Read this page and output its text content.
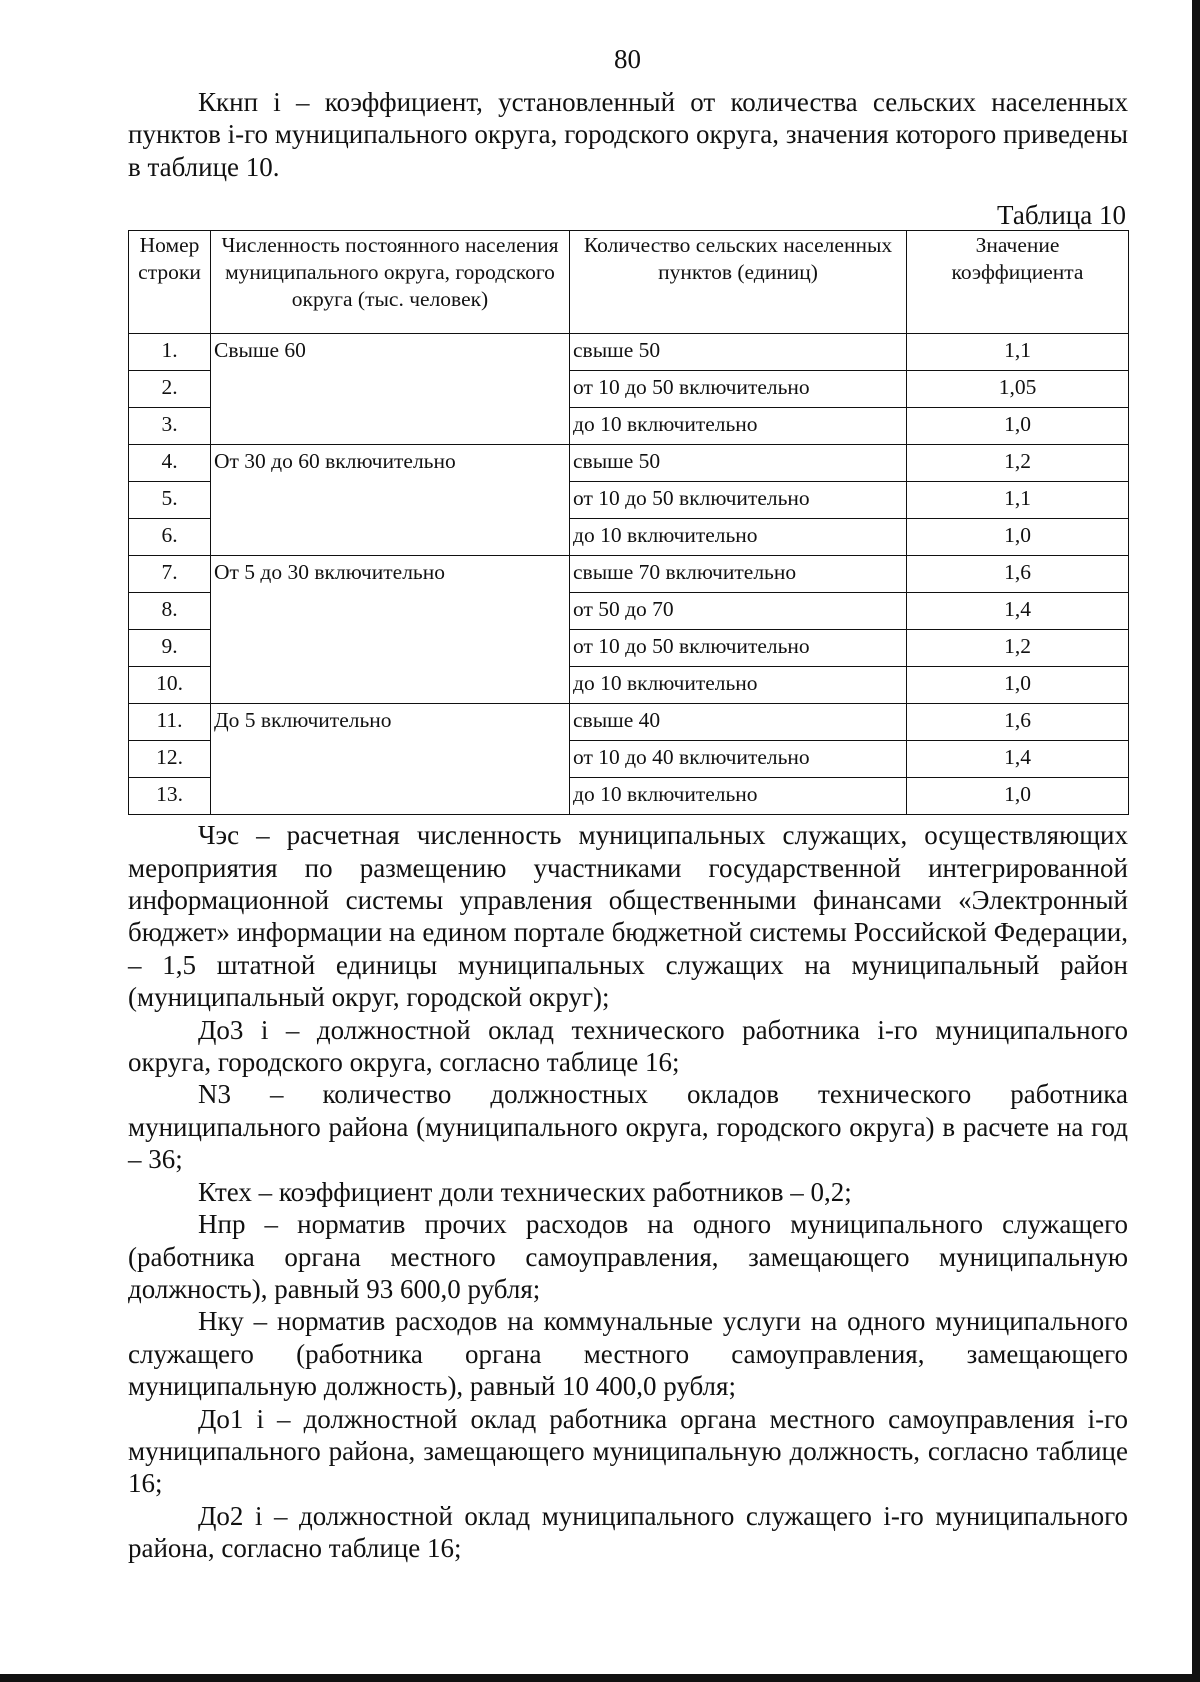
80

Ккнп i – коэффициент, установленный от количества сельских населенных пунктов i-го муниципального округа, городского округа, значения которого приведены в таблице 10.

Таблица 10
Номер строки	Численность постоянного населения муниципального округа, городского округа (тыс. человек)	Количество сельских населенных пунктов (единиц)	Значение коэффициента
1.	Свыше 60	свыше 50	1,1
2.		от 10 до 50 включительно	1,05
3.		до 10 включительно	1,0
4.	От 30 до 60 включительно	свыше 50	1,2
5.		от 10 до 50 включительно	1,1
6.		до 10 включительно	1,0
7.	От 5 до 30 включительно	свыше 70 включительно	1,6
8.		от 50 до 70	1,4
9.		от 10 до 50 включительно	1,2
10.		до 10 включительно	1,0
11.	До 5 включительно	свыше 40	1,6
12.		от 10 до 40 включительно	1,4
13.		до 10 включительно	1,0

Чэс – расчетная численность муниципальных служащих, осуществляющих мероприятия по размещению участниками государственной интегрированной информационной системы управления общественными финансами «Электронный бюджет» информации на едином портале бюджетной системы Российской Федерации, – 1,5 штатной единицы муниципальных служащих на муниципальный район (муниципальный округ, городской округ);

До3 i – должностной оклад технического работника i-го муниципального округа, городского округа, согласно таблице 16;

N3 – количество должностных окладов технического работника муниципального района (муниципального округа, городского округа) в расчете на год – 36;

Ктех – коэффициент доли технических работников – 0,2;

Нпр – норматив прочих расходов на одного муниципального служащего (работника органа местного самоуправления, замещающего муниципальную должность), равный 93 600,0 рубля;

Нку – норматив расходов на коммунальные услуги на одного муниципального служащего (работника органа местного самоуправления, замещающего муниципальную должность), равный 10 400,0 рубля;

До1 i – должностной оклад работника органа местного самоуправления i-го муниципального района, замещающего муниципальную должность, согласно таблице 16;

До2 i – должностной оклад муниципального служащего i-го муниципального района, согласно таблице 16;
